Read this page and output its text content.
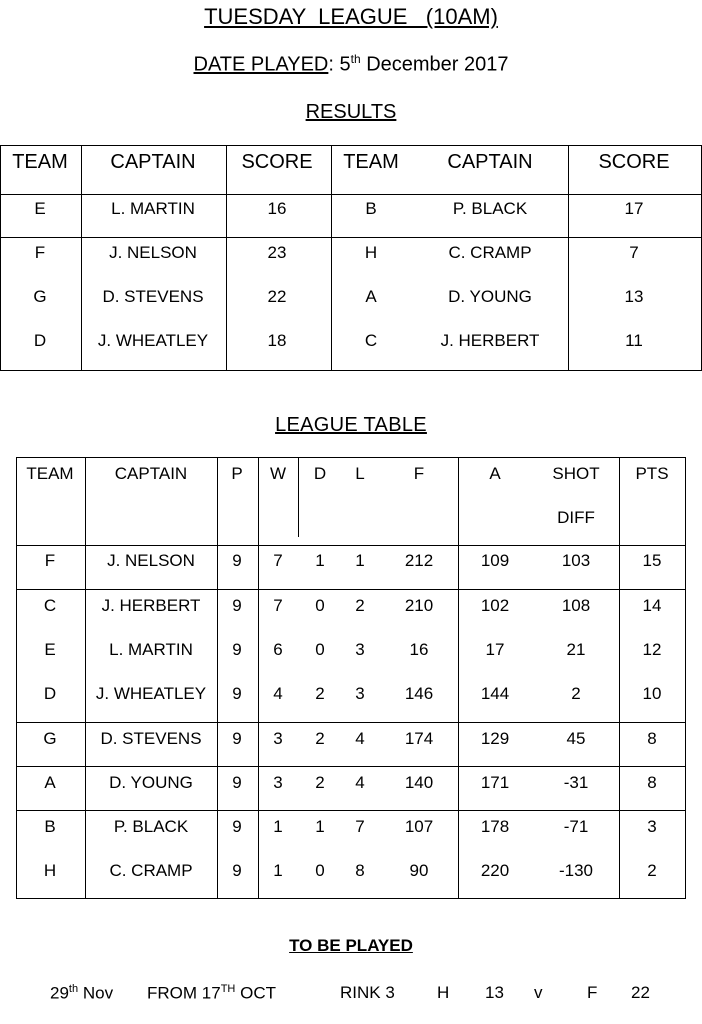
TUESDAY  LEAGUE   (10AM)
DATE PLAYED: 5th December 2017
RESULTS
TEAM	CAPTAIN	SCORE	TEAM	CAPTAIN	SCORE
E	L. MARTIN	16	B	P. BLACK	17
F	J. NELSON	23	H	C. CRAMP	7
G	D. STEVENS	22	A	D. YOUNG	13
D	J. WHEATLEY	18	C	J. HERBERT	11
LEAGUE TABLE
TEAM	CAPTAIN	P	W	D	L	F	A	SHOT	PTS
DIFF
F	J. NELSON	9	7	1	1	212	109	103	15
C	J. HERBERT	9	7	0	2	210	102	108	14
E	L. MARTIN	9	6	0	3	16	17	21	12
D	J. WHEATLEY	9	4	2	3	146	144	2	10
G	D. STEVENS	9	3	2	4	174	129	45	8
A	D. YOUNG	9	3	2	4	140	171	-31	8
B	P. BLACK	9	1	1	7	107	178	-71	3
H	C. CRAMP	9	1	0	8	90	220	-130	2
TO BE PLAYED
29th Nov FROM 17TH OCT	RINK 3 H 13 v	F 22
